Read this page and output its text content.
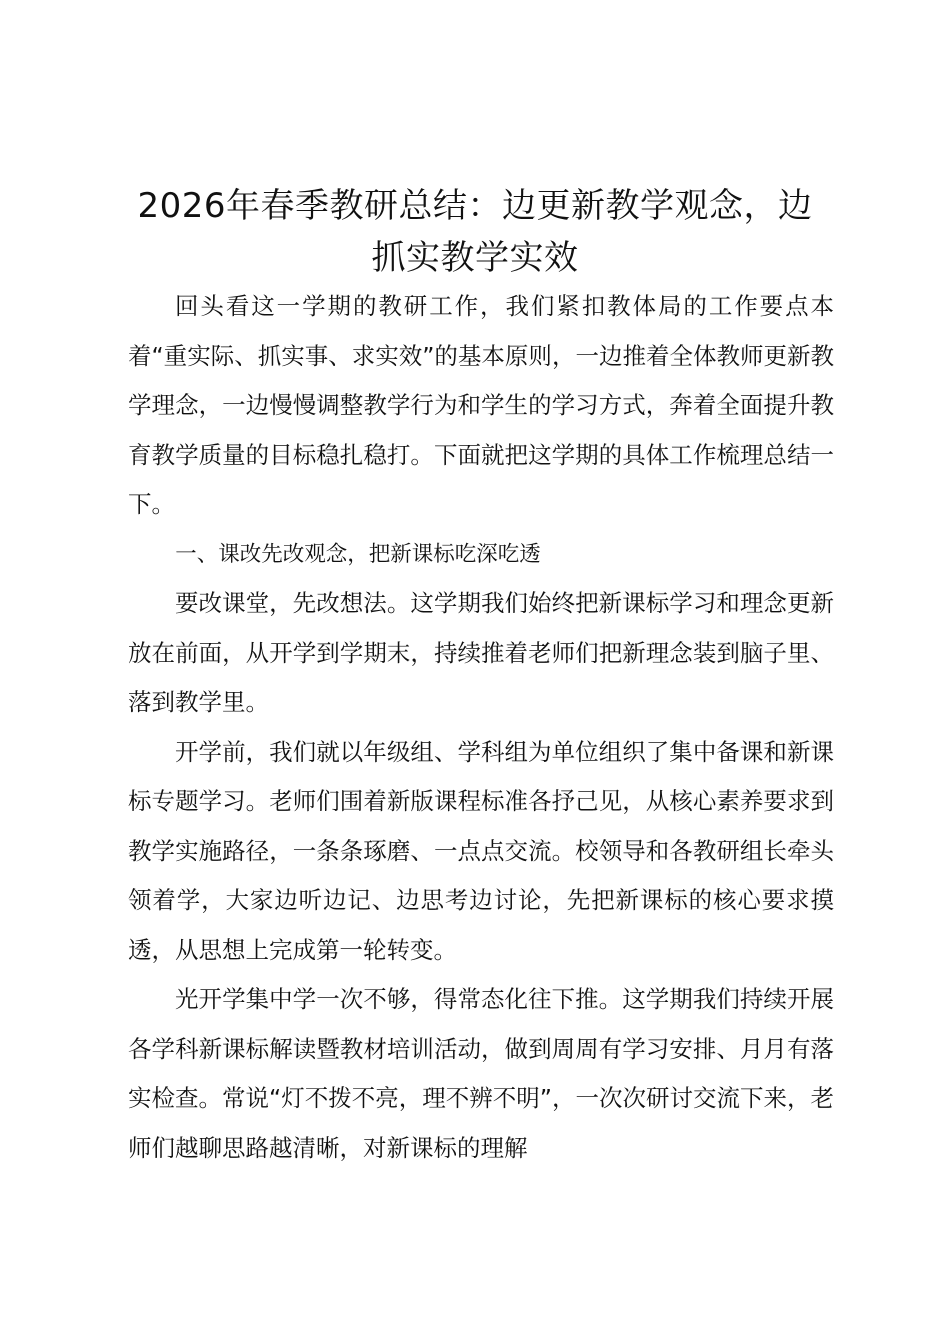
2026年春季教研总结：边更新教学观念，边
抓实教学实效

回头看这一学期的教研工作，我们紧扣教体局的工作要点本着“重实际、抓实事、求实效”的基本原则，一边推着全体教师更新教学理念，一边慢慢调整教学行为和学生的学习方式，奔着全面提升教育教学质量的目标稳扎稳打。下面就把这学期的具体工作梳理总结一下。

一、课改先改观念，把新课标吃深吃透

要改课堂，先改想法。这学期我们始终把新课标学习和理念更新放在前面，从开学到学期末，持续推着老师们把新理念装到脑子里、落到教学里。

开学前，我们就以年级组、学科组为单位组织了集中备课和新课标专题学习。老师们围着新版课程标准各抒己见，从核心素养要求到教学实施路径，一条条琢磨、一点点交流。校领导和各教研组长牵头领着学，大家边听边记、边思考边讨论，先把新课标的核心要求摸透，从思想上完成第一轮转变。

光开学集中学一次不够，得常态化往下推。这学期我们持续开展各学科新课标解读暨教材培训活动，做到周周有学习安排、月月有落实检查。常说“灯不拨不亮，理不辨不明”，一次次研讨交流下来，老师们越聊思路越清晰，对新课标的理解
